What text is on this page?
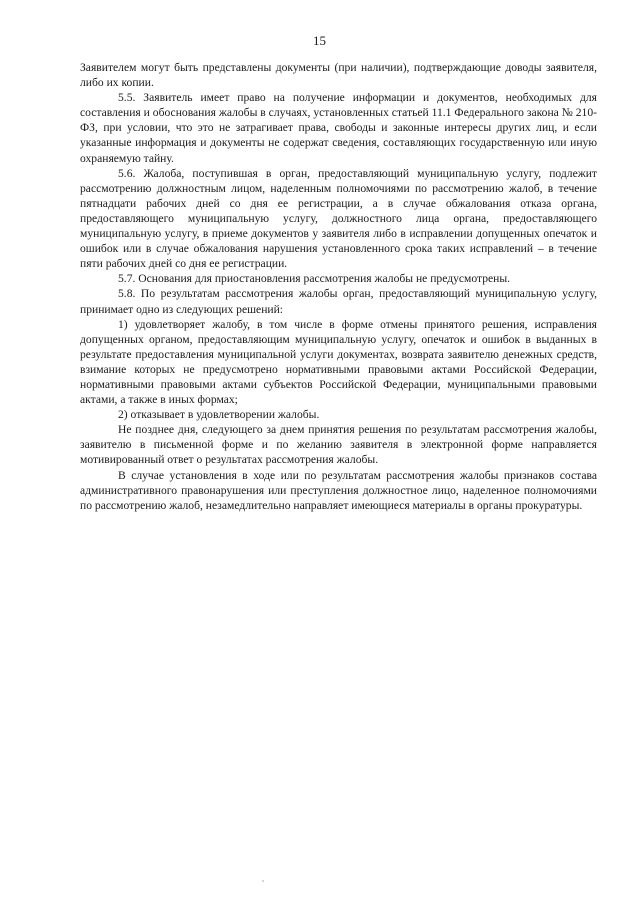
15

Заявителем могут быть представлены документы (при наличии), подтверждающие доводы заявителя, либо их копии.

5.5. Заявитель имеет право на получение информации и документов, необходимых для составления и обоснования жалобы в случаях, установленных статьей 11.1 Федерального закона № 210-ФЗ, при условии, что это не затрагивает права, свободы и законные интересы других лиц, и если указанные информация и документы не содержат сведения, составляющих государственную или иную охраняемую тайну.

5.6. Жалоба, поступившая в орган, предоставляющий муниципальную услугу, подлежит рассмотрению должностным лицом, наделенным полномочиями по рассмотрению жалоб, в течение пятнадцати рабочих дней со дня ее регистрации, а в случае обжалования отказа органа, предоставляющего муниципальную услугу, должностного лица органа, предоставляющего муниципальную услугу, в приеме документов у заявителя либо в исправлении допущенных опечаток и ошибок или в случае обжалования нарушения установленного срока таких исправлений – в течение пяти рабочих дней со дня ее регистрации.

5.7. Основания для приостановления рассмотрения жалобы не предусмотрены.

5.8. По результатам рассмотрения жалобы орган, предоставляющий муниципальную услугу, принимает одно из следующих решений:

1) удовлетворяет жалобу, в том числе в форме отмены принятого решения, исправления допущенных органом, предоставляющим муниципальную услугу, опечаток и ошибок в выданных в результате предоставления муниципальной услуги документах, возврата заявителю денежных средств, взимание которых не предусмотрено нормативными правовыми актами Российской Федерации, нормативными правовыми актами субъектов Российской Федерации, муниципальными правовыми актами, а также в иных формах;

2) отказывает в удовлетворении жалобы.

Не позднее дня, следующего за днем принятия решения по результатам рассмотрения жалобы, заявителю в письменной форме и по желанию заявителя в электронной форме направляется мотивированный ответ о результатах рассмотрения жалобы.

В случае установления в ходе или по результатам рассмотрения жалобы признаков состава административного правонарушения или преступления должностное лицо, наделенное полномочиями по рассмотрению жалоб, незамедлительно направляет имеющиеся материалы в органы прокуратуры.
